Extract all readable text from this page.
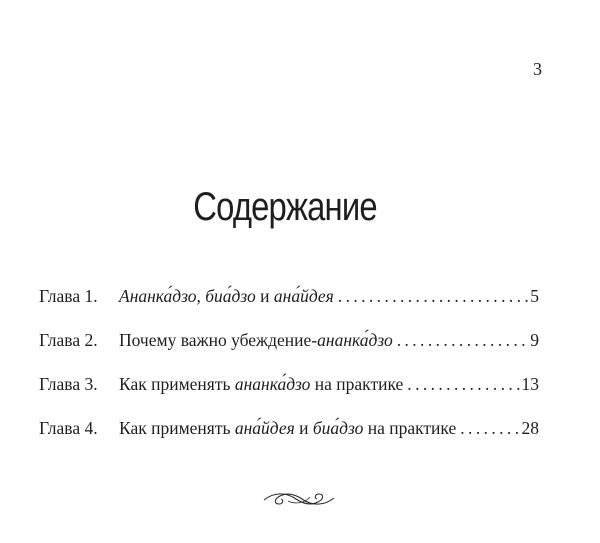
3
Содержание
Глава 1.	Ананка́дзо, биа́дзо и ана́йдея .....	5
Глава 2.	Почему важно убеждение-ананка́дзо .....	9
Глава 3.	Как применять ананка́дзо на практике .....	13
Глава 4.	Как применять ана́йдея и биа́дзо на практике .....	28
